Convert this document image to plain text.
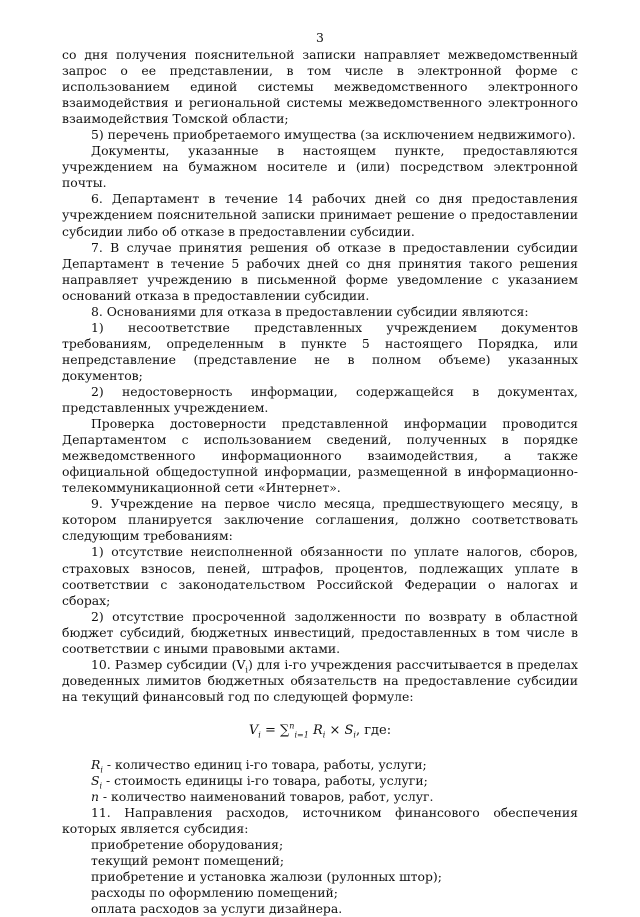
3

со дня получения пояснительной записки направляет межведомственный запрос о ее представлении, в том числе в электронной форме с использованием единой системы межведомственного электронного взаимодействия и региональной системы межведомственного электронного взаимодействия Томской области;

5) перечень приобретаемого имущества (за исключением недвижимого).

Документы, указанные в настоящем пункте, предоставляются учреждением на бумажном носителе и (или) посредством электронной почты.

6. Департамент в течение 14 рабочих дней со дня предоставления учреждением пояснительной записки принимает решение о предоставлении субсидии либо об отказе в предоставлении субсидии.

7. В случае принятия решения об отказе в предоставлении субсидии Департамент в течение 5 рабочих дней со дня принятия такого решения направляет учреждению в письменной форме уведомление с указанием оснований отказа в предоставлении субсидии.

8. Основаниями для отказа в предоставлении субсидии являются:

1) несоответствие представленных учреждением документов требованиям, определенным в пункте 5 настоящего Порядка, или непредставление (представление не в полном объеме) указанных документов;

2) недостоверность информации, содержащейся в документах, представленных учреждением.

Проверка достоверности представленной информации проводится Департаментом с использованием сведений, полученных в порядке межведомственного информационного взаимодействия, а также официальной общедоступной информации, размещенной в информационно-телекоммуникационной сети «Интернет».

9. Учреждение на первое число месяца, предшествующего месяцу, в котором планируется заключение соглашения, должно соответствовать следующим требованиям:

1) отсутствие неисполненной обязанности по уплате налогов, сборов, страховых взносов, пеней, штрафов, процентов, подлежащих уплате в соответствии с законодательством Российской Федерации о налогах и сборах;

2) отсутствие просроченной задолженности по возврату в областной бюджет субсидий, бюджетных инвестиций, предоставленных в том числе в соответствии с иными правовыми актами.

10. Размер субсидии $(V_i)$ для i-го учреждения рассчитывается в пределах доведенных лимитов бюджетных обязательств на предоставление субсидии на текущий финансовый год по следующей формуле:

$V_i = \sum^n_{i=1}$ $R_i \times S_i$, где:

$R_i$ - количество единиц i-го товара, работы, услуги;

$S_i$ - стоимость единицы i-го товара, работы, услуги;

n - количество наименований товаров, работ, услуг.

11. Направления расходов, источником финансового обеспечения которых является субсидия:

приобретение оборудования;

текущий ремонт помещений;

приобретение и установка жалюзи (рулонных штор);

расходы по оформлению помещений;

оплата расходов за услуги дизайнера.
